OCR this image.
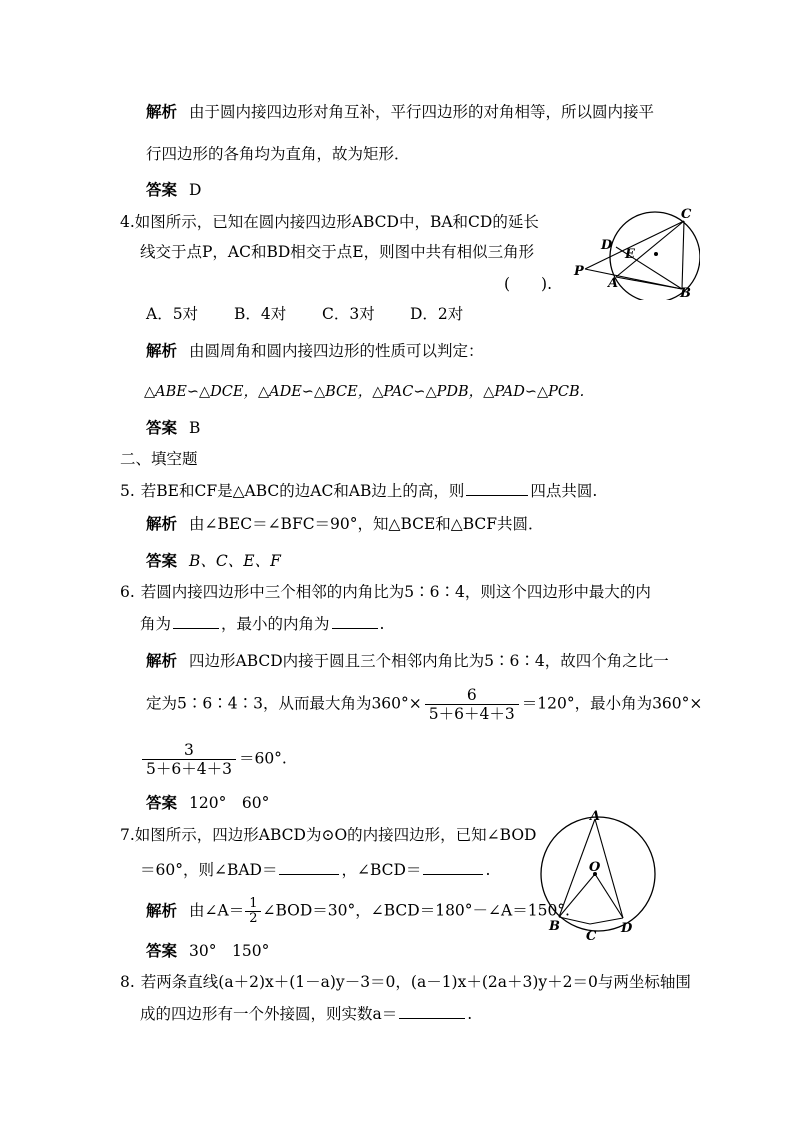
解析 由于圆内接四边形对角互补，平行四边形的对角相等，所以圆内接平
行四边形的各角均为直角，故为矩形．
答案 D
4.如图所示，已知在圆内接四边形ABCD中，BA和CD的延长
线交于点P，AC和BD相交于点E，则图中共有相似三角形
(　　).
C
D
E
P
A
B
A．5对 B．4对 C．3对 D．2对
解析 由圆周角和圆内接四边形的性质可以判定：
△ABE∽△DCE，△ADE∽△BCE，△PAC∽△PDB，△PAD∽△PCB.
答案 B
二、填空题
5. 若BE和CF是△ABC的边AC和AB边上的高，则	四点共圆.
解析 由∠BEC＝∠BFC＝90°，知△BCE和△BCF共圆．
答案 B、C、E、F
6. 若圆内接四边形中三个相邻的内角比为5∶6∶4，则这个四边形中最大的内
角为	，最小的内角为	.
解析 四边形ABCD内接于圆且三个相邻内角比为5∶6∶4，故四个角之比一
定为5∶6∶4∶3，从而最大角为$360^\circ\times \frac{6}{5+6+4+3} =120^\circ$，最小角为360°×
$\frac{3}{5+6+4+3} =60^\circ$.
答案 120°　60°
7.如图所示，四边形ABCD为⊙O的内接四边形，已知∠BOD
＝60°，则∠BAD＝	，∠BCD＝	.
A
O
B
C
D
解析 由∠A＝ $\frac{1}{2}$ ∠BOD＝30°，∠BCD＝180°－∠A＝150°.
答案 30°　150°
8. 若两条直线(a＋2)x＋(1－a)y－3＝0，(a－1)x＋(2a＋3)y＋2＝0与两坐标轴围
成的四边形有一个外接圆，则实数a＝	.
